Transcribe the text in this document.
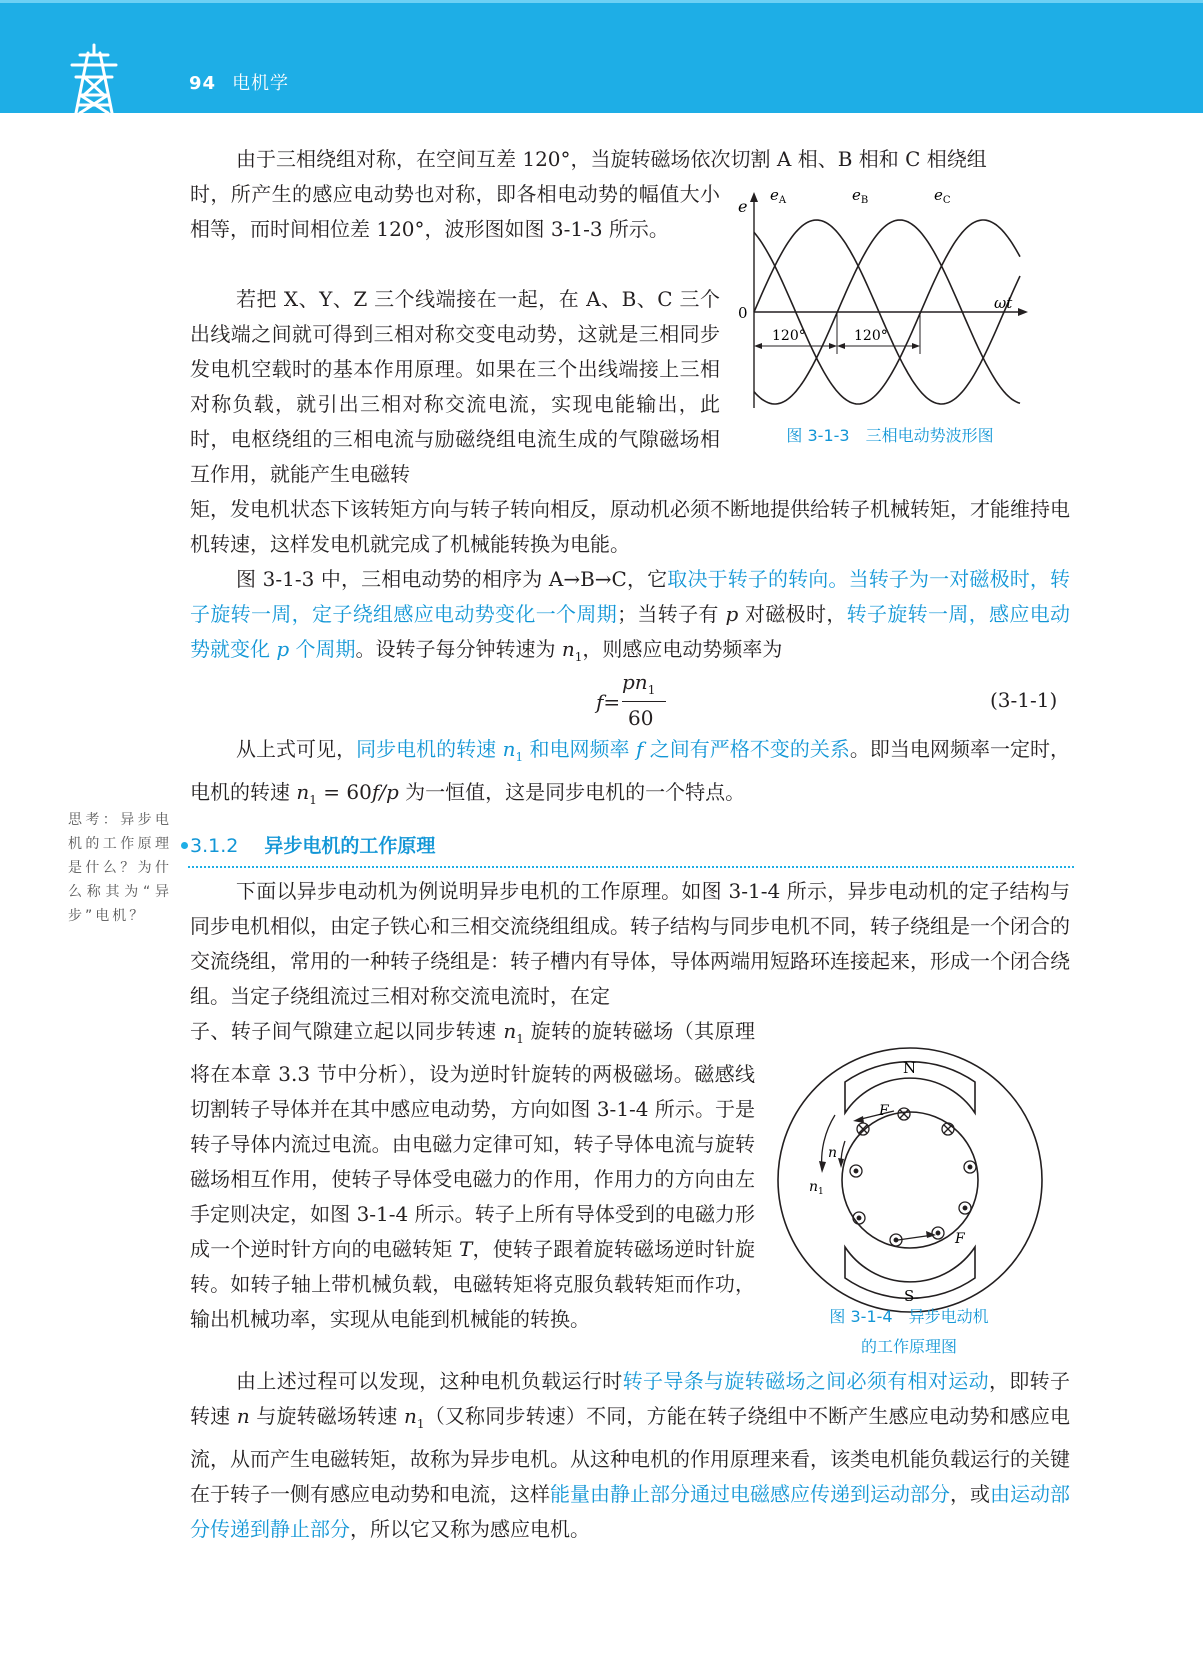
94 电机学

由于三相绕组对称，在空间互差 120°，当旋转磁场依次切割 A 相、B 相和 C 相绕组

时，所产生的感应电动势也对称，即各相电动势的幅值大小相等，而时间相位差 120°，波形图如图 3-1-3 所示。

若把 X、Y、Z 三个线端接在一起，在 A、B、C 三个出线端之间就可得到三相对称交变电动势，这就是三相同步发电机空载时的基本作用原理。如果在三个出线端接上三相对称负载，就引出三相对称交流电流，实现电能输出，此时，电枢绕组的三相电流与励磁绕组电流生成的气隙磁场相互作用，就能产生电磁转

矩，发电机状态下该转矩方向与转子转向相反，原动机必须不断地提供给转子机械转矩，才能维持电机转速，这样发电机就完成了机械能转换为电能。

图 3-1-3 中，三相电动势的相序为 A→B→C，它取决于转子的转向。当转子为一对磁极时，转子旋转一周，定子绕组感应电动势变化一个周期；当转子有 p 对磁极时，转子旋转一周，感应电动势就变化 p 个周期。设转子每分钟转速为 $n_1$，则感应电动势频率为

f=
$pn_1$
60
(3-1-1)

从上式可见，同步电机的转速 $n_1$ 和电网频率 f 之间有严格不变的关系。即当电网频率一定时，电机的转速 $n_1 = 60f/p$ 为一恒值，这是同步电机的一个特点。

思考：异步电机的工作原理是什么？为什么称其为“异步”电机？
3.1.2 异步电机的工作原理

下面以异步电动机为例说明异步电机的工作原理。如图 3-1-4 所示，异步电动机的定子结构与同步电机相似，由定子铁心和三相交流绕组组成。转子结构与同步电机不同，转子绕组是一个闭合的交流绕组，常用的一种转子绕组是：转子槽内有导体，导体两端用短路环连接起来，形成一个闭合绕组。当定子绕组流过三相对称交流电流时，在定

子、转子间气隙建立起以同步转速 $n_1$ 旋转的旋转磁场（其原理将在本章 3.3 节中分析），设为逆时针旋转的两极磁场。磁感线切割转子导体并在其中感应电动势，方向如图 3-1-4 所示。于是转子导体内流过电流。由电磁力定律可知，转子导体电流与旋转磁场相互作用，使转子导体受电磁力的作用，作用力的方向由左手定则决定，如图 3-1-4 所示。转子上所有导体受到的电磁力形成一个逆时针方向的电磁转矩 T，使转子跟着旋转磁场逆时针旋转。如转子轴上带机械负载，电磁转矩将克服负载转矩而作功，输出机械功率，实现从电能到机械能的转换。

由上述过程可以发现，这种电机负载运行时转子导条与旋转磁场之间必须有相对运动，即转子转速 n 与旋转磁场转速 $n_1$（又称同步转速）不同，方能在转子绕组中不断产生感应电动势和感应电流，从而产生电磁转矩，故称为异步电机。从这种电机的作用原理来看，该类电机能负载运行的关键在于转子一侧有感应电动势和电流，这样能量由静止部分通过电磁感应传递到运动部分，或由运动部分传递到静止部分，所以它又称为感应电机。

e
ωt
0
$e_A$	$e_B$	$e_C$
120°	120°
图 3-1-3　三相电动势波形图
N
S
F
F
n
$n_1$
图 3-1-4　异步电动机
的工作原理图
